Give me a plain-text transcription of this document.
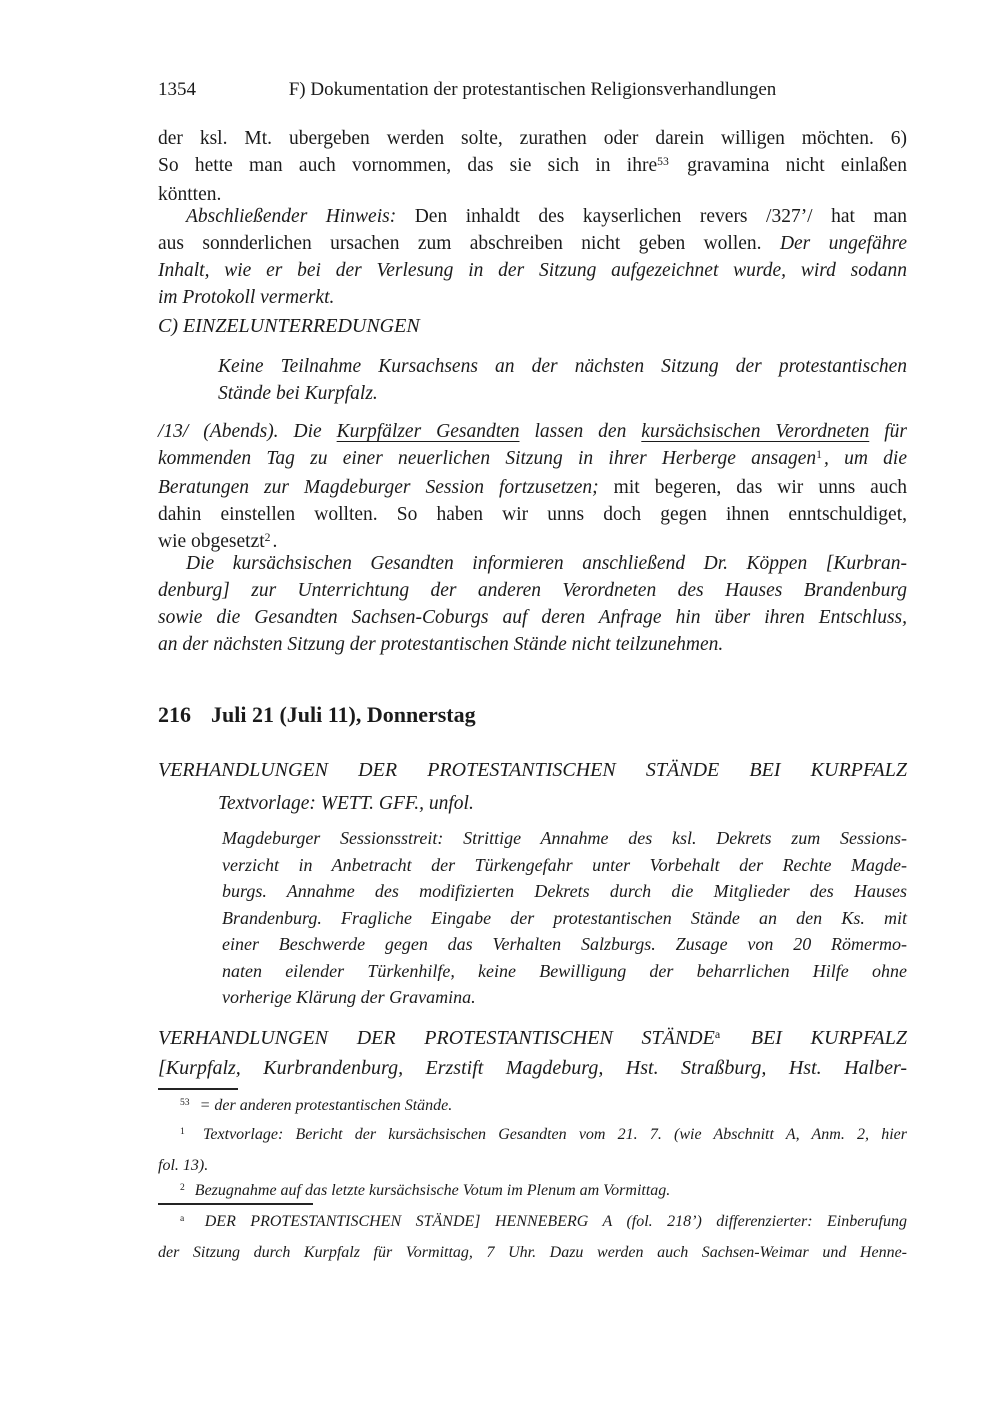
1354	F) Dokumentation der protestantischen Religionsverhandlungen
der ksl. Mt. ubergeben werden solte, zurathen oder darein willigen möchten. 6)
So hette man auch vornommen, das sie sich in ihre$^{53}$ gravamina nicht einlaßen
köntten.
Abschließender Hinweis: Den inhaldt des kayserlichen revers /327’/ hat man
aus sonnderlichen ursachen zum abschreiben nicht geben wollen. Der ungefähre
Inhalt, wie er bei der Verlesung in der Sitzung aufgezeichnet wurde, wird sodann
im Protokoll vermerkt.
C) EINZELUNTERREDUNGEN
Keine Teilnahme Kursachsens an der nächsten Sitzung der protestantischen
Stände bei Kurpfalz.
/13/ (Abends). Die Kurpfälzer Gesandten lassen den kursächsischen Verordneten für
kommenden Tag zu einer neuerlichen Sitzung in ihrer Herberge ansagen$^1$ , um die
Beratungen zur Magdeburger Session fortzusetzen; mit begeren, das wir unns auch
dahin einstellen wollten. So haben wir unns doch gegen ihnen enntschuldiget,
wie obgesetzt$^2$ .
Die kursächsischen Gesandten informieren anschließend Dr. Köppen [Kurbran-
denburg] zur Unterrichtung der anderen Verordneten des Hauses Brandenburg
sowie die Gesandten Sachsen-Coburgs auf deren Anfrage hin über ihren Entschluss,
an der nächsten Sitzung der protestantischen Stände nicht teilzunehmen.
216 Juli 21 (Juli 11), Donnerstag
VERHANDLUNGEN DER PROTESTANTISCHEN STÄNDE BEI KURPFALZ
Textvorlage: WETT. GFF., unfol.
Magdeburger Sessionsstreit: Strittige Annahme des ksl. Dekrets zum Sessions-
verzicht in Anbetracht der Türkengefahr unter Vorbehalt der Rechte Magde-
burgs. Annahme des modifizierten Dekrets durch die Mitglieder des Hauses
Brandenburg. Fragliche Eingabe der protestantischen Stände an den Ks. mit
einer Beschwerde gegen das Verhalten Salzburgs. Zusage von 20 Römermo-
naten eilender Türkenhilfe, keine Bewilligung der beharrlichen Hilfe ohne
vorherige Klärung der Gravamina.
VERHANDLUNGEN DER PROTESTANTISCHEN STÄNDE$^a$ BEI KURPFALZ
[Kurpfalz, Kurbrandenburg, Erzstift Magdeburg, Hst. Straßburg, Hst. Halber-
$^{53}$ = der anderen protestantischen Stände.
$^1$ Textvorlage: Bericht der kursächsischen Gesandten vom 21. 7. (wie Abschnitt A, Anm. 2, hier
fol. 13).
$^2$ Bezugnahme auf das letzte kursächsische Votum im Plenum am Vormittag.
$^a$ DER PROTESTANTISCHEN STÄNDE] HENNEBERG A (fol. 218’) differenzierter: Einberufung
der Sitzung durch Kurpfalz für Vormittag, 7 Uhr. Dazu werden auch Sachsen-Weimar und Henne-
